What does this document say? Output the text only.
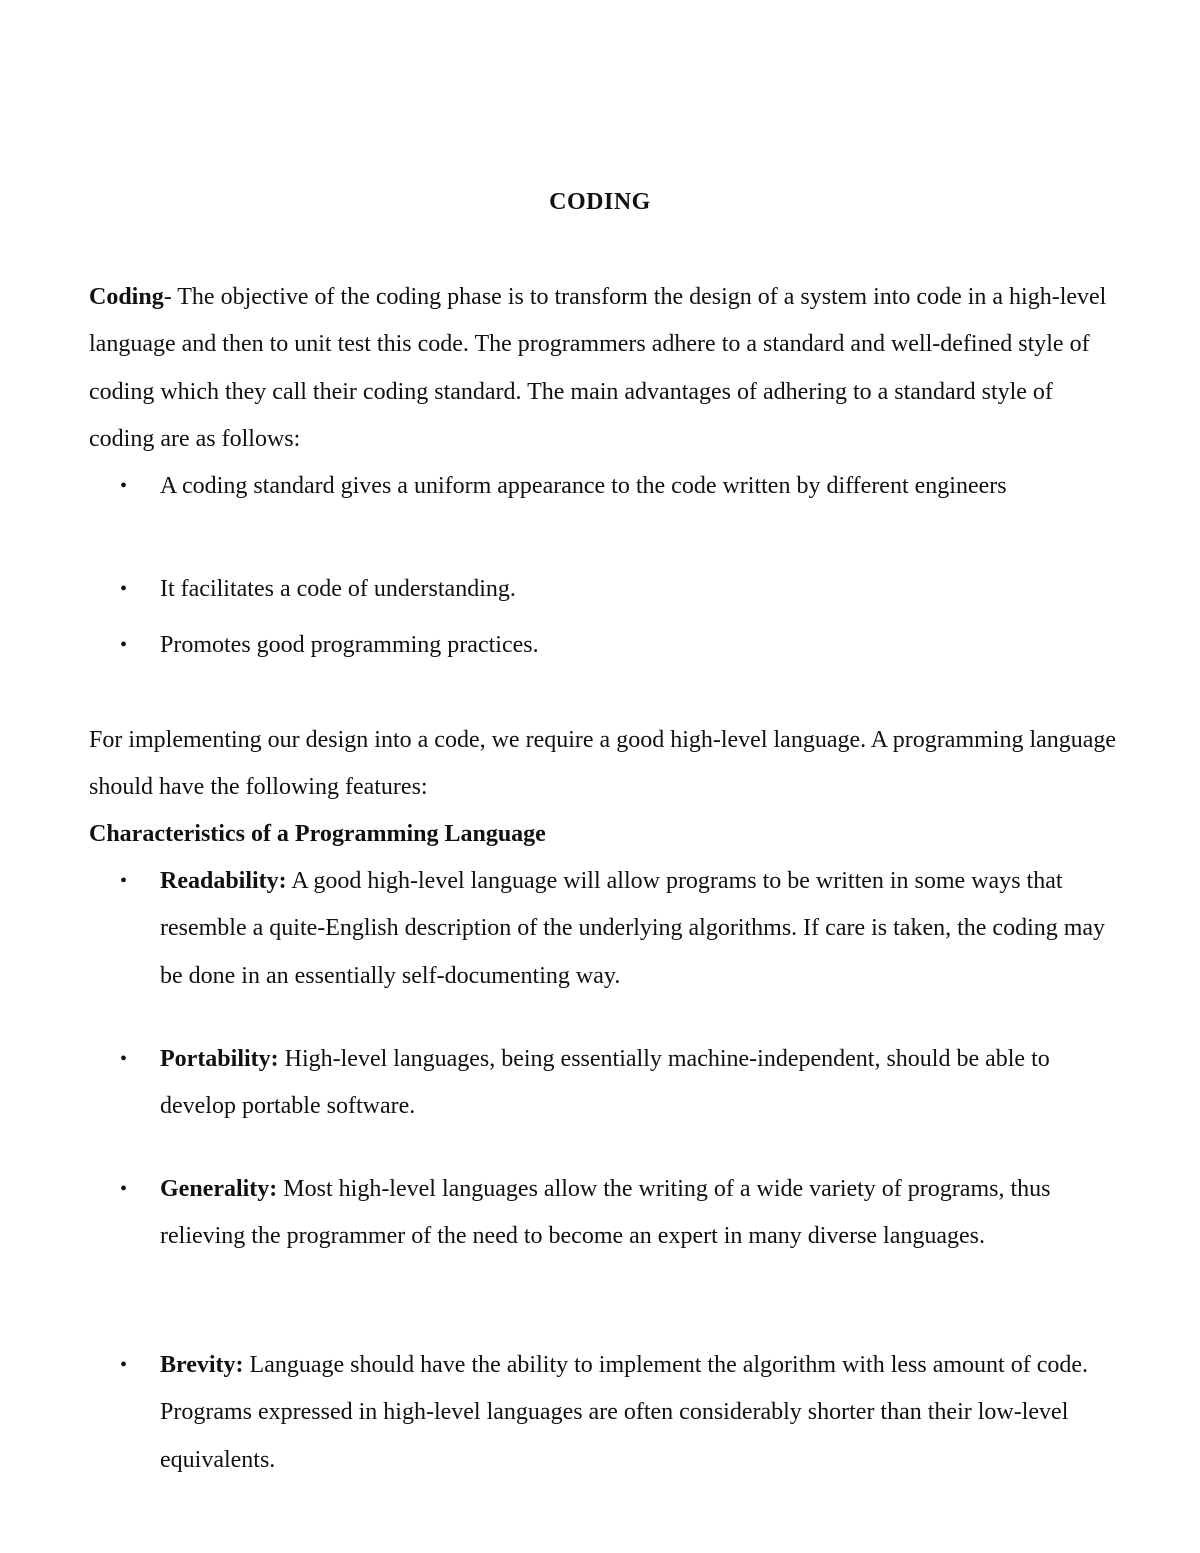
CODING

Coding- The objective of the coding phase is to transform the design of a system into code in a high-level language and then to unit test this code. The programmers adhere to a standard and well-defined style of coding which they call their coding standard. The main advantages of adhering to a standard style of coding are as follows:

•	A coding standard gives a uniform appearance to the code written by different engineers
•	It facilitates a code of understanding.
•	Promotes good programming practices.

For implementing our design into a code, we require a good high-level language. A programming language should have the following features:

Characteristics of a Programming Language
•	Readability: A good high-level language will allow programs to be written in some ways that resemble a quite-English description of the underlying algorithms. If care is taken, the coding may be done in an essentially self-documenting way.
•	Portability: High-level languages, being essentially machine-independent, should be able to develop portable software.
•	Generality: Most high-level languages allow the writing of a wide variety of programs, thus relieving the programmer of the need to become an expert in many diverse languages.
•	Brevity: Language should have the ability to implement the algorithm with less amount of code. Programs expressed in high-level languages are often considerably shorter than their low-level equivalents.
